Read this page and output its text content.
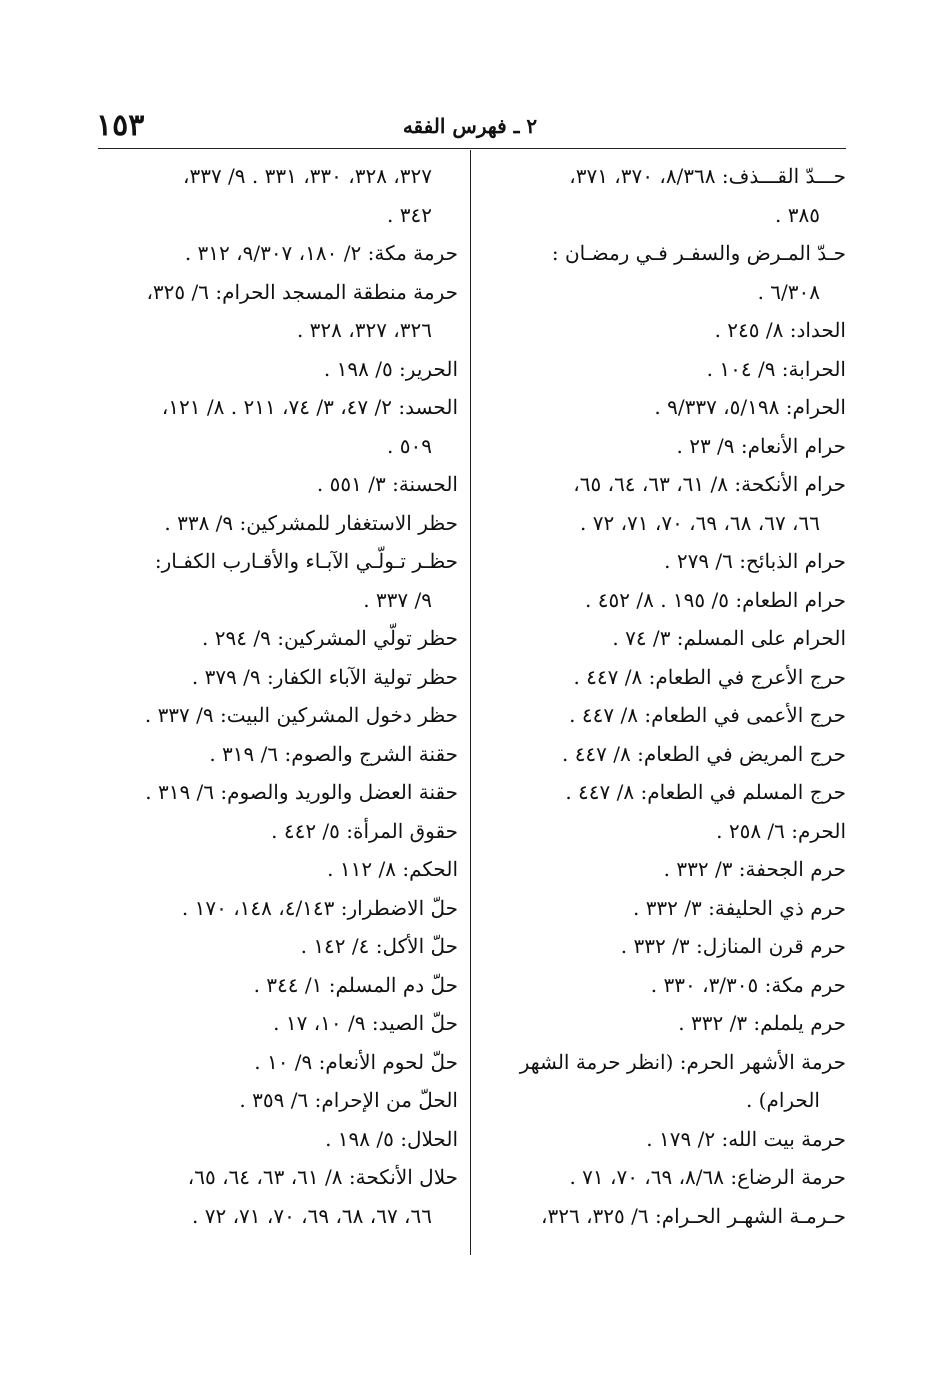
١٥٣	٢ ـ فهرس الفقه
حـــدّ القـــذف: ٨/٣٦٨، ٣٧٠، ٣٧١،
٣٨٥ .
حـدّ المـرض والسفـر فـي رمضـان :
٦/٣٠٨ .
الحداد: ٨/ ٢٤٥ .
الحرابة: ٩/ ١٠٤ .
الحرام: ٥/١٩٨، ٩/٣٣٧ .
حرام الأنعام: ٩/ ٢٣ .
حرام الأنكحة: ٨/ ٦١، ٦٣، ٦٤، ٦٥،
٦٦، ٦٧، ٦٨، ٦٩، ٧٠، ٧١، ٧٢ .
حرام الذبائح: ٦/ ٢٧٩ .
حرام الطعام: ٥/ ١٩٥ . ٨/ ٤٥٢ .
الحرام على المسلم: ٣/ ٧٤ .
حرج الأعرج في الطعام: ٨/ ٤٤٧ .
حرج الأعمى في الطعام: ٨/ ٤٤٧ .
حرج المريض في الطعام: ٨/ ٤٤٧ .
حرج المسلم في الطعام: ٨/ ٤٤٧ .
الحرم: ٦/ ٢٥٨ .
حرم الجحفة: ٣/ ٣٣٢ .
حرم ذي الحليفة: ٣/ ٣٣٢ .
حرم قرن المنازل: ٣/ ٣٣٢ .
حرم مكة: ٣/٣٠٥، ٣٣٠ .
حرم يلملم: ٣/ ٣٣٢ .
حرمة الأشهر الحرم: (انظر حرمة الشهر
الحرام) .
حرمة بيت الله: ٢/ ١٧٩ .
حرمة الرضاع: ٨/٦٨، ٦٩، ٧٠، ٧١ .
حـرمـة الشهـر الحـرام: ٦/ ٣٢٥، ٣٢٦،
٣٢٧، ٣٢٨، ٣٣٠، ٣٣١ . ٩/ ٣٣٧،
٣٤٢ .
حرمة مكة: ٢/ ١٨٠، ٩/٣٠٧، ٣١٢ .
حرمة منطقة المسجد الحرام: ٦/ ٣٢٥،
٣٢٦، ٣٢٧، ٣٢٨ .
الحرير: ٥/ ١٩٨ .
الحسد: ٢/ ٤٧، ٣/ ٧٤، ٢١١ . ٨/ ١٢١،
٥٠٩ .
الحسنة: ٣/ ٥٥١ .
حظر الاستغفار للمشركين: ٩/ ٣٣٨ .
حظـر تـولّـي الآبـاء والأقـارب الكفـار:
٩/ ٣٣٧ .
حظر تولّي المشركين: ٩/ ٢٩٤ .
حظر تولية الآباء الكفار: ٩/ ٣٧٩ .
حظر دخول المشركين البيت: ٩/ ٣٣٧ .
حقنة الشرج والصوم: ٦/ ٣١٩ .
حقنة العضل والوريد والصوم: ٦/ ٣١٩ .
حقوق المرأة: ٥/ ٤٤٢ .
الحكم: ٨/ ١١٢ .
حلّ الاضطرار: ٤/١٤٣، ١٤٨، ١٧٠ .
حلّ الأكل: ٤/ ١٤٢ .
حلّ دم المسلم: ١/ ٣٤٤ .
حلّ الصيد: ٩/ ١٠، ١٧ .
حلّ لحوم الأنعام: ٩/ ١٠ .
الحلّ من الإحرام: ٦/ ٣٥٩ .
الحلال: ٥/ ١٩٨ .
حلال الأنكحة: ٨/ ٦١، ٦٣، ٦٤، ٦٥،
٦٦، ٦٧، ٦٨، ٦٩، ٧٠، ٧١، ٧٢ .
